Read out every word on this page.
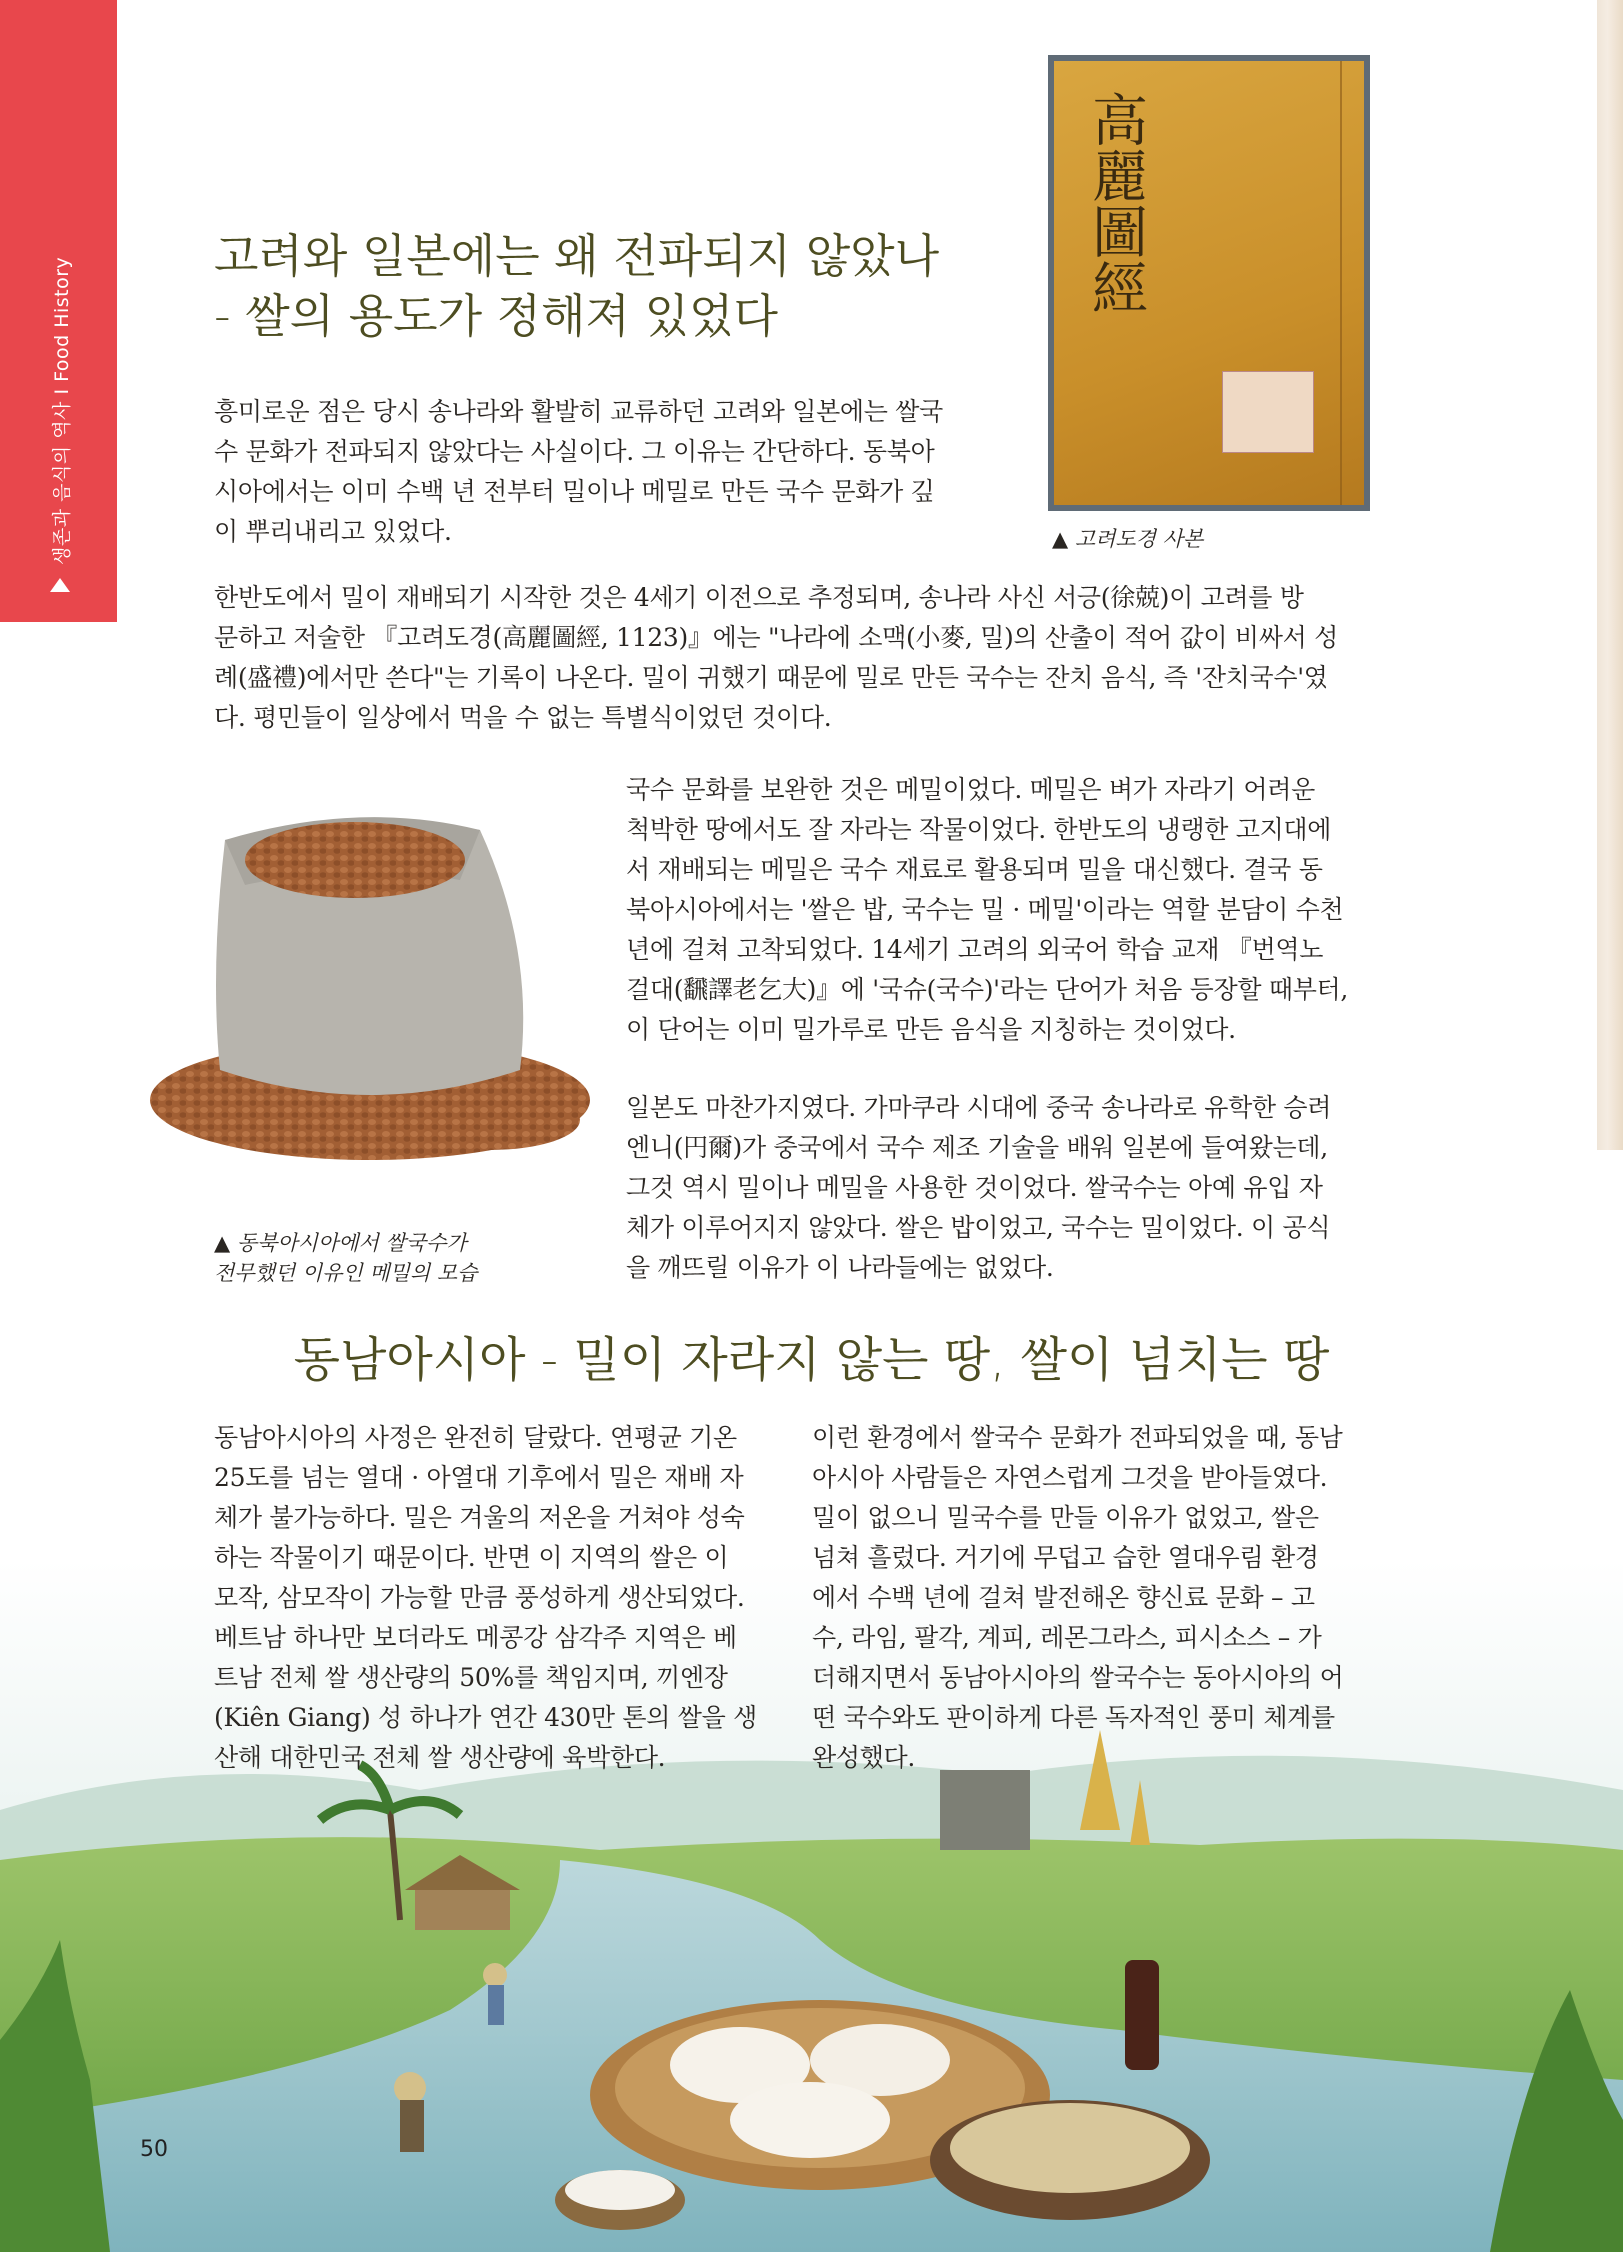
생존과 음식의 역사 I Food History
고려와 일본에는 왜 전파되지 않았나
- 쌀의 용도가 정해져 있었다
高麗圖經
▲ 고려도경 사본
흥미로운 점은 당시 송나라와 활발히 교류하던 고려와 일본에는 쌀국
수 문화가 전파되지 않았다는 사실이다. 그 이유는 간단하다. 동북아
시아에서는 이미 수백 년 전부터 밀이나 메밀로 만든 국수 문화가 깊
이 뿌리내리고 있었다.
한반도에서 밀이 재배되기 시작한 것은 4세기 이전으로 추정되며, 송나라 사신 서긍(徐兢)이 고려를 방
문하고 저술한 『고려도경(高麗圖經, 1123)』에는 "나라에 소맥(小麥, 밀)의 산출이 적어 값이 비싸서 성
례(盛禮)에서만 쓴다"는 기록이 나온다. 밀이 귀했기 때문에 밀로 만든 국수는 잔치 음식, 즉 '잔치국수'였
다. 평민들이 일상에서 먹을 수 없는 특별식이었던 것이다.
▲ 동북아시아에서 쌀국수가
전무했던 이유인 메밀의 모습
국수 문화를 보완한 것은 메밀이었다. 메밀은 벼가 자라기 어려운
척박한 땅에서도 잘 자라는 작물이었다. 한반도의 냉랭한 고지대에
서 재배되는 메밀은 국수 재료로 활용되며 밀을 대신했다. 결국 동
북아시아에서는 '쌀은 밥, 국수는 밀 · 메밀'이라는 역할 분담이 수천
년에 걸쳐 고착되었다. 14세기 고려의 외국어 학습 교재 『번역노
걸대(飜譯老乞大)』에 '국슈(국수)'라는 단어가 처음 등장할 때부터,
이 단어는 이미 밀가루로 만든 음식을 지칭하는 것이었다.
일본도 마찬가지였다. 가마쿠라 시대에 중국 송나라로 유학한 승려
엔니(円爾)가 중국에서 국수 제조 기술을 배워 일본에 들여왔는데,
그것 역시 밀이나 메밀을 사용한 것이었다. 쌀국수는 아예 유입 자
체가 이루어지지 않았다. 쌀은 밥이었고, 국수는 밀이었다. 이 공식
을 깨뜨릴 이유가 이 나라들에는 없었다.
동남아시아 - 밀이 자라지 않는 땅, 쌀이 넘치는 땅
동남아시아의 사정은 완전히 달랐다. 연평균 기온
25도를 넘는 열대 · 아열대 기후에서 밀은 재배 자
체가 불가능하다. 밀은 겨울의 저온을 거쳐야 성숙
하는 작물이기 때문이다. 반면 이 지역의 쌀은 이
모작, 삼모작이 가능할 만큼 풍성하게 생산되었다.
베트남 하나만 보더라도 메콩강 삼각주 지역은 베
트남 전체 쌀 생산량의 50%를 책임지며, 끼엔장
(Kiên Giang) 성 하나가 연간 430만 톤의 쌀을 생
산해 대한민국 전체 쌀 생산량에 육박한다.
이런 환경에서 쌀국수 문화가 전파되었을 때, 동남
아시아 사람들은 자연스럽게 그것을 받아들였다.
밀이 없으니 밀국수를 만들 이유가 없었고, 쌀은
넘쳐 흘렀다. 거기에 무덥고 습한 열대우림 환경
에서 수백 년에 걸쳐 발전해온 향신료 문화 – 고
수, 라임, 팔각, 계피, 레몬그라스, 피시소스 – 가
더해지면서 동남아시아의 쌀국수는 동아시아의 어
떤 국수와도 판이하게 다른 독자적인 풍미 체계를
완성했다.
50
